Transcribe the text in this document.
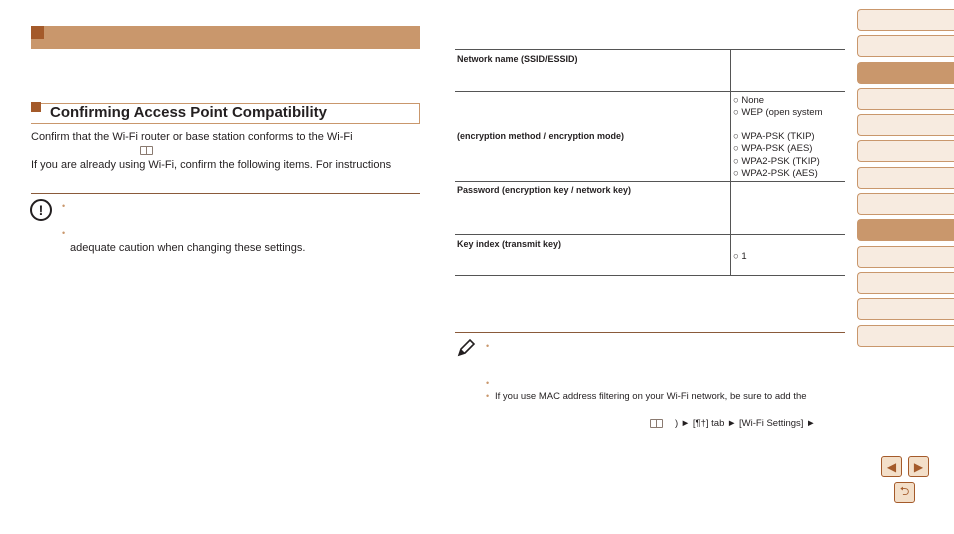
Confirming Access Point Compatibility
Confirm that the Wi-Fi router or base station conforms to the Wi-Fi
If you are already using Wi-Fi, confirm the following items. For instructions
!	•
•
adequate caution when changing these settings.
Network name (SSID/ESSID)
(encryption method / encryption mode)
○ None
○ WEP (open system
○ WPA-PSK (TKIP)
○ WPA-PSK (AES)
○ WPA2-PSK (TKIP)
○ WPA2-PSK (AES)
Password (encryption key / network key)
Key index (transmit key)
○ 1
•
•
• If you use MAC address filtering on your Wi-Fi network, be sure to add the
) ► [¶†] tab ► [Wi-Fi Settings] ►
◀ ▶
⮌
